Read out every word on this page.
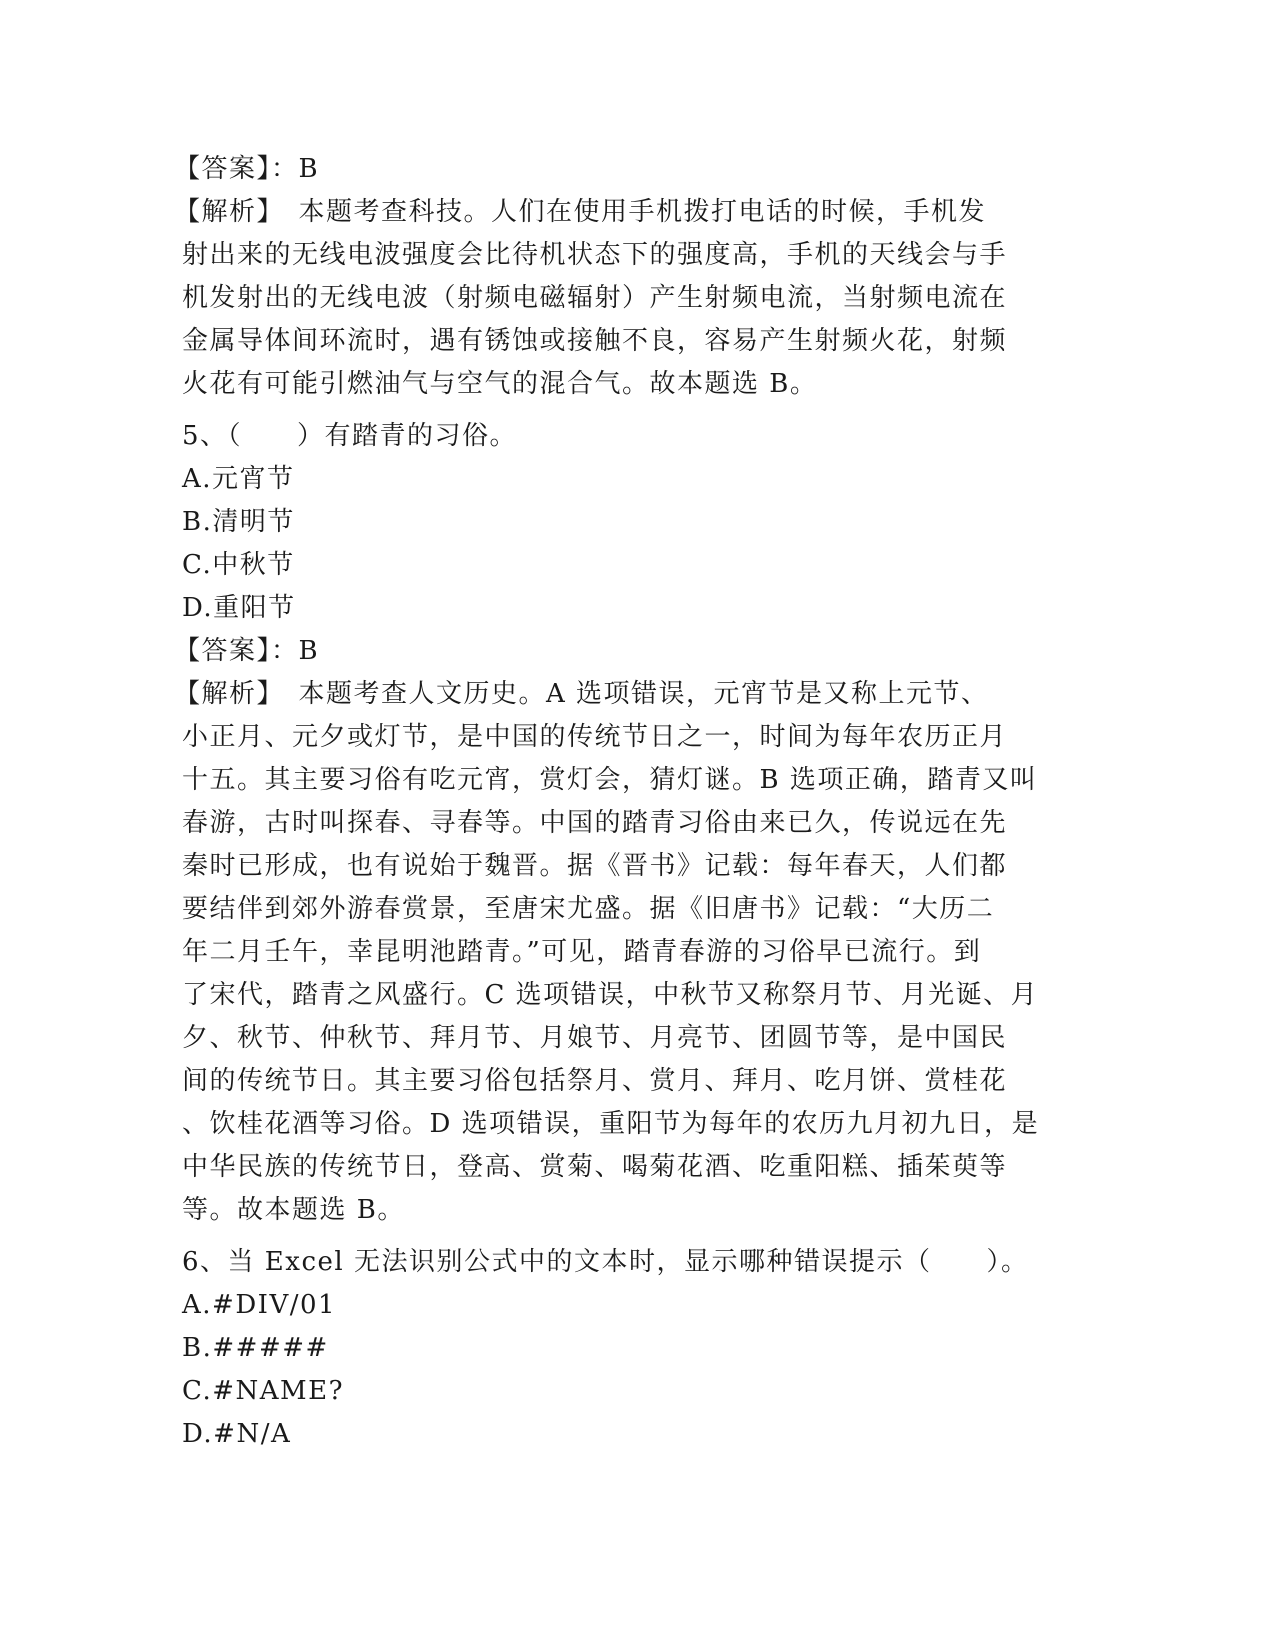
【答案】：B
【解析】　本题考查科技。人们在使用手机拨打电话的时候，手机发
射出来的无线电波强度会比待机状态下的强度高，手机的天线会与手
机发射出的无线电波（射频电磁辐射）产生射频电流，当射频电流在
金属导体间环流时，遇有锈蚀或接触不良，容易产生射频火花，射频
火花有可能引燃油气与空气的混合气。故本题选 B。
5、（　　）有踏青的习俗。
A.元宵节
B.清明节
C.中秋节
D.重阳节
【答案】：B
【解析】　本题考查人文历史。A 选项错误，元宵节是又称上元节、
小正月、元夕或灯节，是中国的传统节日之一，时间为每年农历正月
十五。其主要习俗有吃元宵，赏灯会，猜灯谜。B 选项正确，踏青又叫
春游，古时叫探春、寻春等。中国的踏青习俗由来已久，传说远在先
秦时已形成，也有说始于魏晋。据《晋书》记载：每年春天，人们都
要结伴到郊外游春赏景，至唐宋尤盛。据《旧唐书》记载：“大历二
年二月壬午，幸昆明池踏青。”可见，踏青春游的习俗早已流行。到
了宋代，踏青之风盛行。C 选项错误，中秋节又称祭月节、月光诞、月
夕、秋节、仲秋节、拜月节、月娘节、月亮节、团圆节等，是中国民
间的传统节日。其主要习俗包括祭月、赏月、拜月、吃月饼、赏桂花
、饮桂花酒等习俗。D 选项错误，重阳节为每年的农历九月初九日，是
中华民族的传统节日，登高、赏菊、喝菊花酒、吃重阳糕、插茱萸等
等。故本题选 B。
6、当 Excel 无法识别公式中的文本时，显示哪种错误提示（　　）。
A.#DIV/01
B.#####
C.#NAME?
D.#N/A
